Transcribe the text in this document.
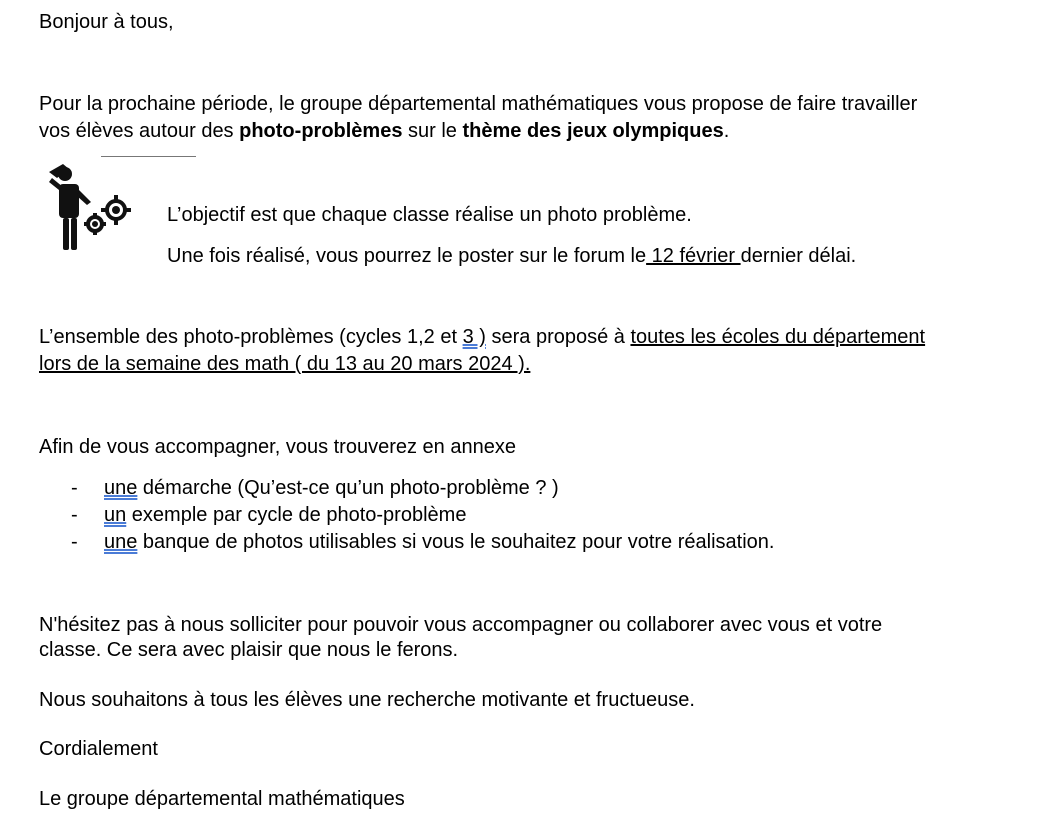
Bonjour à tous,
Pour la prochaine période, le groupe départemental mathématiques vous propose de faire travailler
vos élèves autour des photo-problèmes sur le thème des jeux olympiques.
L’objectif est que chaque classe réalise un photo problème.
Une fois réalisé, vous pourrez le poster sur le forum le 12 février dernier délai.
L’ensemble des photo-problèmes (cycles 1,2 et 3 ) sera proposé à toutes les écoles du département
lors de la semaine des math ( du 13 au 20 mars 2024 ).
Afin de vous accompagner, vous trouverez en annexe
- une démarche (Qu’est-ce qu’un photo-problème ? )
- un exemple par cycle de photo-problème
- une banque de photos utilisables si vous le souhaitez pour votre réalisation.
N'hésitez pas à nous solliciter pour pouvoir vous accompagner ou collaborer avec vous et votre
classe. Ce sera avec plaisir que nous le ferons.
Nous souhaitons à tous les élèves une recherche motivante et fructueuse.
Cordialement
Le groupe départemental mathématiques
